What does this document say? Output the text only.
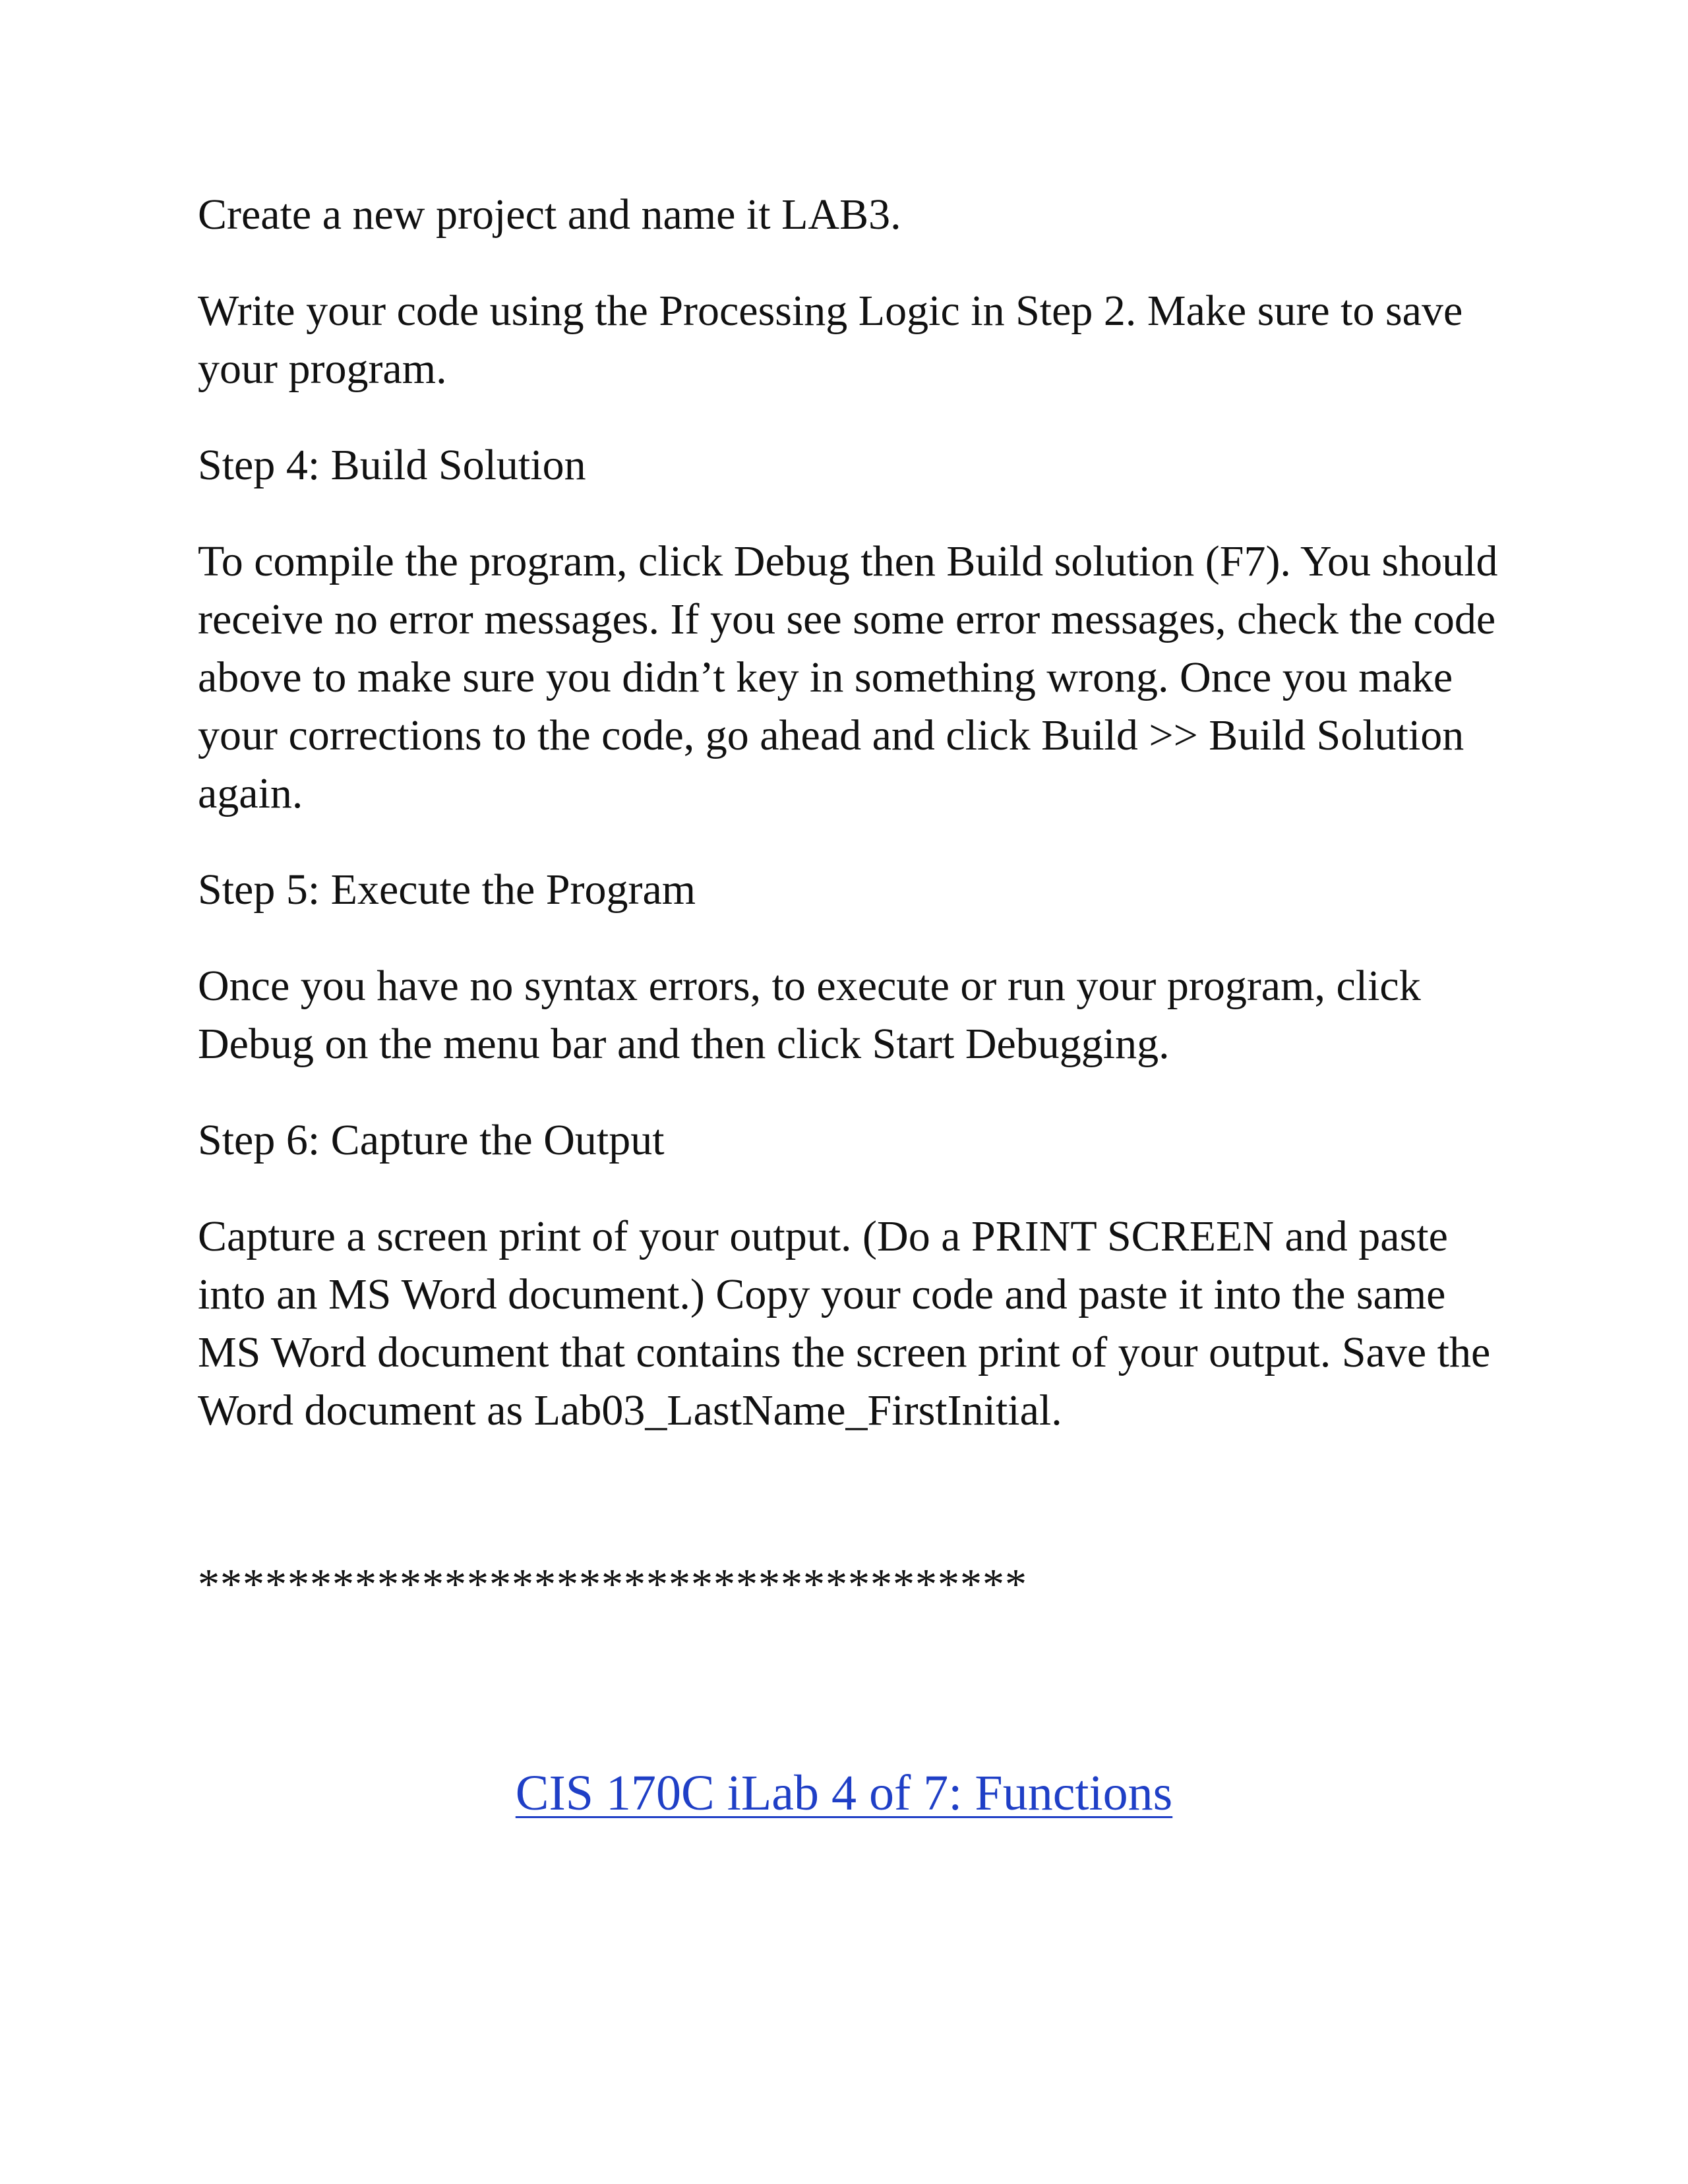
Create a new project and name it LAB3.

Write your code using the Processing Logic in Step 2. Make sure to save your program.

Step 4: Build Solution

To compile the program, click Debug then Build solution (F7). You should receive no error messages. If you see some error messages, check the code above to make sure you didn’t key in something wrong. Once you make your corrections to the code, go ahead and click Build >> Build Solution again.

Step 5: Execute the Program

Once you have no syntax errors, to execute or run your program, click Debug on the menu bar and then click Start Debugging.

Step 6: Capture the Output

Capture a screen print of your output. (Do a PRINT SCREEN and paste into an MS Word document.) Copy your code and paste it into the same MS Word document that contains the screen print of your output. Save the Word document as Lab03_LastName_FirstInitial.

*************************************

CIS 170C iLab 4 of 7: Functions
